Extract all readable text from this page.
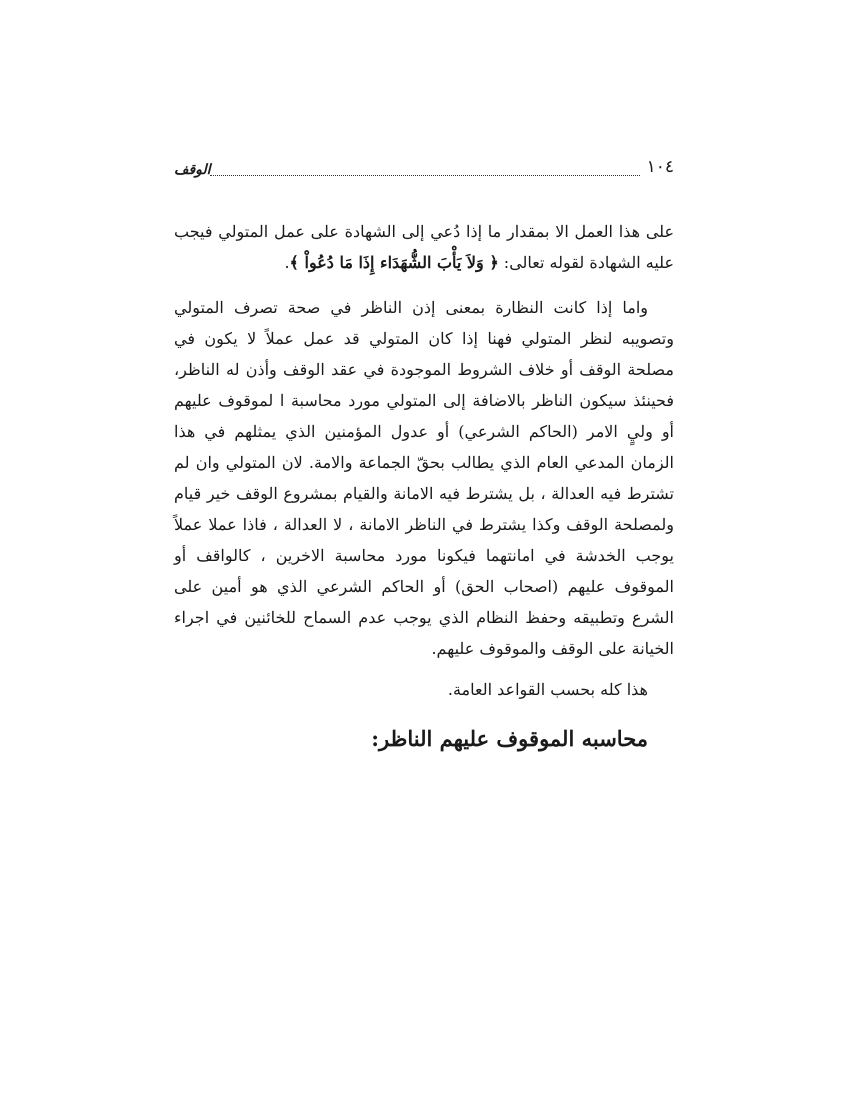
١٠٤
الوقف

على هذا العمل الا بمقدار ما إذا دُعي إلى الشهادة على عمل المتولي فيجب عليه الشهادة لقوله تعالى: ﴿ وَلاَ يَأْبَ الشُّهَدَاء إِذَا مَا دُعُواْ ﴾.

واما إذا كانت النظارة بمعنى إذن الناظر في صحة تصرف المتولي وتصويبه لنظر المتولي فهنا إذا كان المتولي قد عمل عملاً لا يكون في مصلحة الوقف أو خلاف الشروط الموجودة في عقد الوقف وأذن له الناظر، فحينئذ سيكون الناظر بالاضافة إلى المتولي مورد محاسبة ا لموقوف عليهم أو وليٍ الامر (الحاكم الشرعي) أو عدول المؤمنين الذي يمثلهم في هذا الزمان المدعي العام الذي يطالب بحقّ الجماعة والامة. لان المتولي وان لم تشترط فيه العدالة ، بل يشترط فيه الامانة والقيام بمشروع الوقف خير قيام ولمصلحة الوقف وكذا يشترط في الناظر الامانة ، لا العدالة ، فاذا عملا عملاً يوجب الخدشة في امانتهما فيكونا مورد محاسبة الاخرين ، كالواقف أو الموقوف عليهم (اصحاب الحق) أو الحاكم الشرعي الذي هو أمين على الشرع وتطبيقه وحفظ النظام الذي يوجب عدم السماح للخائنين في اجراء الخيانة على الوقف والموقوف عليهم.

هذا كله بحسب القواعد العامة.

محاسبه الموقوف عليهم الناظر:
